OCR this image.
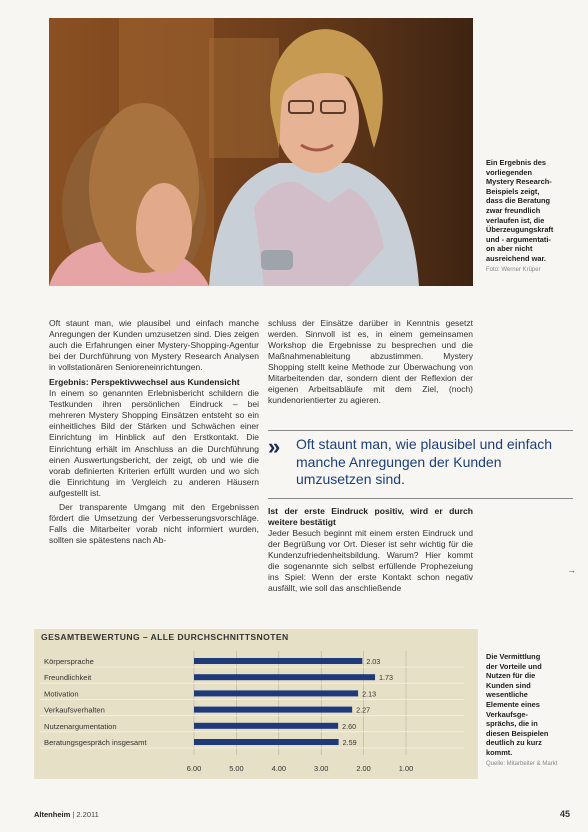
Ein Ergebnis des
vorliegenden
Mystery Research-
Beispiels zeigt,
dass die Beratung
zwar freundlich
verlaufen ist, die
Überzeugungskraft
und - argumentati-
on aber nicht
ausreichend war.
Foto: Werner Krüper

Oft staunt man, wie plausibel und einfach manche Anregungen der Kunden umzusetzen sind. Dies zeigen auch die Erfahrungen einer Mystery-Shopping-Agentur bei der Durchführung von Mystery Research Analysen in vollstationären Senioreneinrichtungen.

Ergebnis: Perspektivwechsel aus Kundensicht

In einem so genannten Erlebnisbericht schildern die Testkunden ihren persönlichen Eindruck – bei mehreren Mystery Shopping Einsätzen entsteht so ein einheitliches Bild der Stärken und Schwächen einer Einrichtung im Hinblick auf den Erstkontakt. Die Einrichtung erhält im Anschluss an die Durchführung einen Auswertungsbericht, der zeigt, ob und wie die vorab definierten Kriterien erfüllt wurden und wo sich die Einrichtung im Vergleich zu anderen Häusern aufgestellt ist.

Der transparente Umgang mit den Ergebnissen fördert die Umsetzung der Verbesserungsvorschläge. Falls die Mitarbeiter vorab nicht informiert wurden, sollten sie spätestens nach Ab-

schluss der Einsätze darüber in Kenntnis gesetzt werden. Sinnvoll ist es, in einem gemeinsamen Workshop die Ergebnisse zu besprechen und die Maßnahmenableitung abzustimmen. Mystery Shopping stellt keine Methode zur Überwachung von Mitarbeitenden dar, sondern dient der Reflexion der eigenen Arbeitsabläufe mit dem Ziel, (noch) kundenorientierter zu agieren.

» Oft staunt man, wie plausibel und einfach manche Anregungen der Kunden umzusetzen sind.
Ist der erste Eindruck positiv, wird er durch weitere bestätigt

Jeder Besuch beginnt mit einem ersten Eindruck und der Begrüßung vor Ort. Dieser ist sehr wichtig für die Kundenzufriedenheitsbildung. Warum? Hier kommt die sogenannte sich selbst erfüllende Prophezeiung ins Spiel: Wenn der erste Kontakt schon negativ ausfällt, wie soll das anschließende

→
GESAMTBEWERTUNG – ALLE DURCHSCHNITTSNOTEN
Körpersprache	2.03
Freundlichkeit	1.73
Motivation	2.13
Verkaufsverhalten	2.27
Nutzenargumentation	2.60
Beratungsgespräch insgesamt	2.59
6.00	5.00	4.00	3.00	2.00	1.00
Die Vermittlung
der Vorteile und
Nutzen für die
Kunden sind
wesentliche
Elemente eines
Verkaufsge-
sprächs, die in
diesen Beispielen
deutlich zu kurz
kommt.
Quelle: Mitarbeiter & Markt
Altenheim | 2.2011	45
